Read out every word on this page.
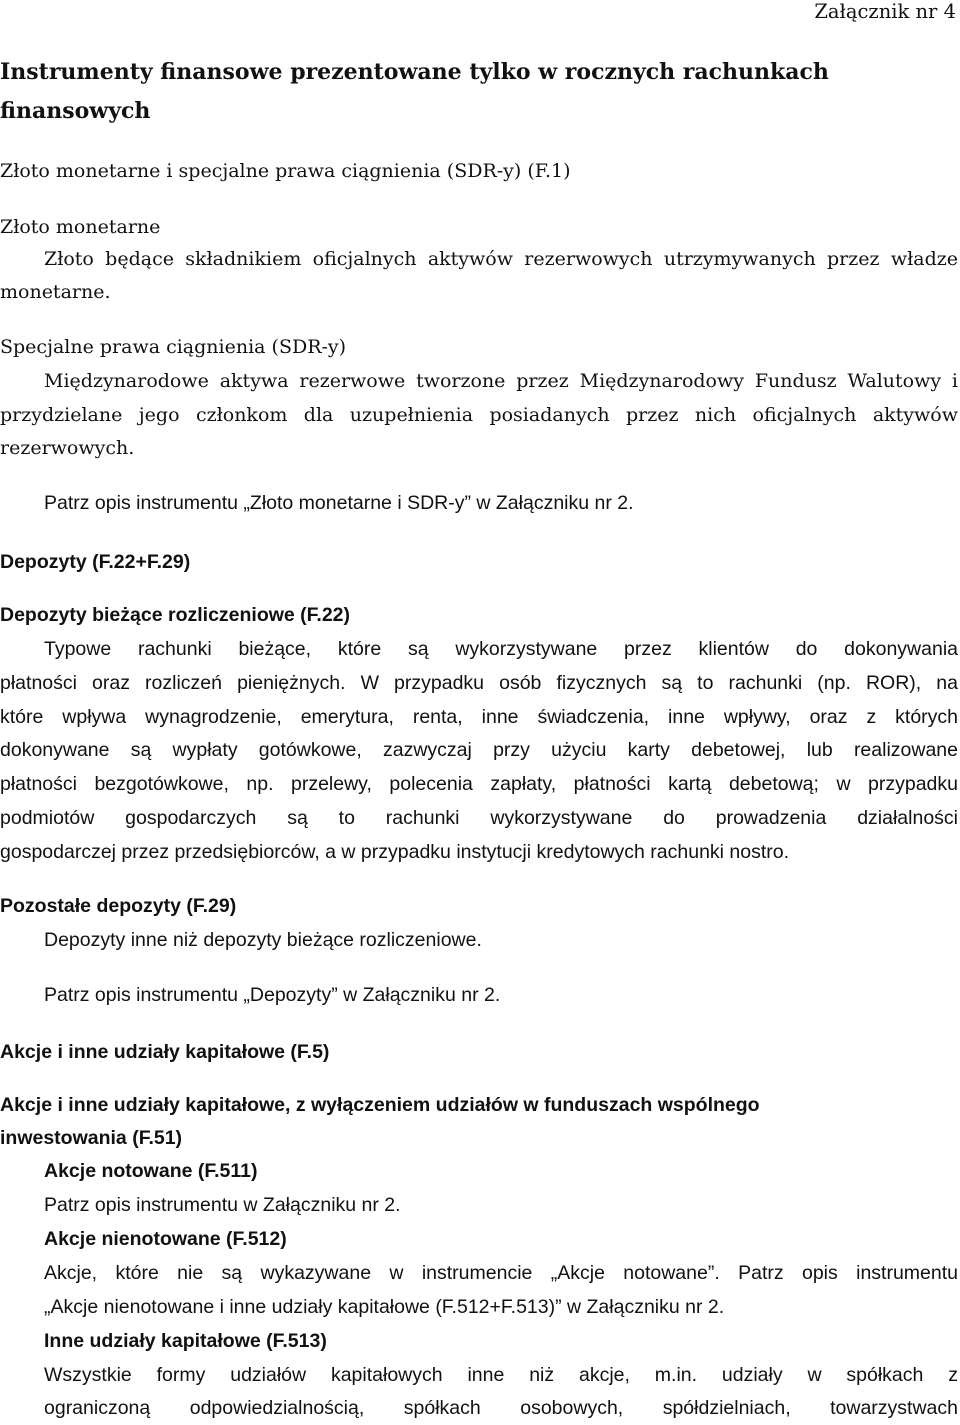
Załącznik nr 4
Instrumenty finansowe prezentowane tylko w rocznych rachunkach
finansowych
Złoto monetarne i specjalne prawa ciągnienia (SDR-y) (F.1)
Złoto monetarne
Złoto będące składnikiem oficjalnych aktywów rezerwowych utrzymywanych przez władze
monetarne.
Specjalne prawa ciągnienia (SDR-y)
Międzynarodowe aktywa rezerwowe tworzone przez Międzynarodowy Fundusz Walutowy i
przydzielane jego członkom dla uzupełnienia posiadanych przez nich oficjalnych aktywów
rezerwowych.
Patrz opis instrumentu „Złoto monetarne i SDR-y” w Załączniku nr 2.
Depozyty (F.22+F.29)
Depozyty bieżące rozliczeniowe (F.22)
Typowe rachunki bieżące, które są wykorzystywane przez klientów do dokonywania
płatności oraz rozliczeń pieniężnych. W przypadku osób fizycznych są to rachunki (np. ROR), na
które wpływa wynagrodzenie, emerytura, renta, inne świadczenia, inne wpływy, oraz z których
dokonywane są wypłaty gotówkowe, zazwyczaj przy użyciu karty debetowej, lub realizowane
płatności bezgotówkowe, np. przelewy, polecenia zapłaty, płatności kartą debetową; w przypadku
podmiotów gospodarczych są to rachunki wykorzystywane do prowadzenia działalności
gospodarczej przez przedsiębiorców, a w przypadku instytucji kredytowych rachunki nostro.
Pozostałe depozyty (F.29)
Depozyty inne niż depozyty bieżące rozliczeniowe.
Patrz opis instrumentu „Depozyty” w Załączniku nr 2.
Akcje i inne udziały kapitałowe (F.5)
Akcje i inne udziały kapitałowe, z wyłączeniem udziałów w funduszach wspólnego
inwestowania (F.51)
Akcje notowane (F.511)
Patrz opis instrumentu w Załączniku nr 2.
Akcje nienotowane (F.512)
Akcje, które nie są wykazywane w instrumencie „Akcje notowane”. Patrz opis instrumentu
„Akcje nienotowane i inne udziały kapitałowe (F.512+F.513)” w Załączniku nr 2.
Inne udziały kapitałowe (F.513)
Wszystkie formy udziałów kapitałowych inne niż akcje, m.in. udziały w spółkach z
ograniczoną odpowiedzialnością, spółkach osobowych, spółdzielniach, towarzystwach
